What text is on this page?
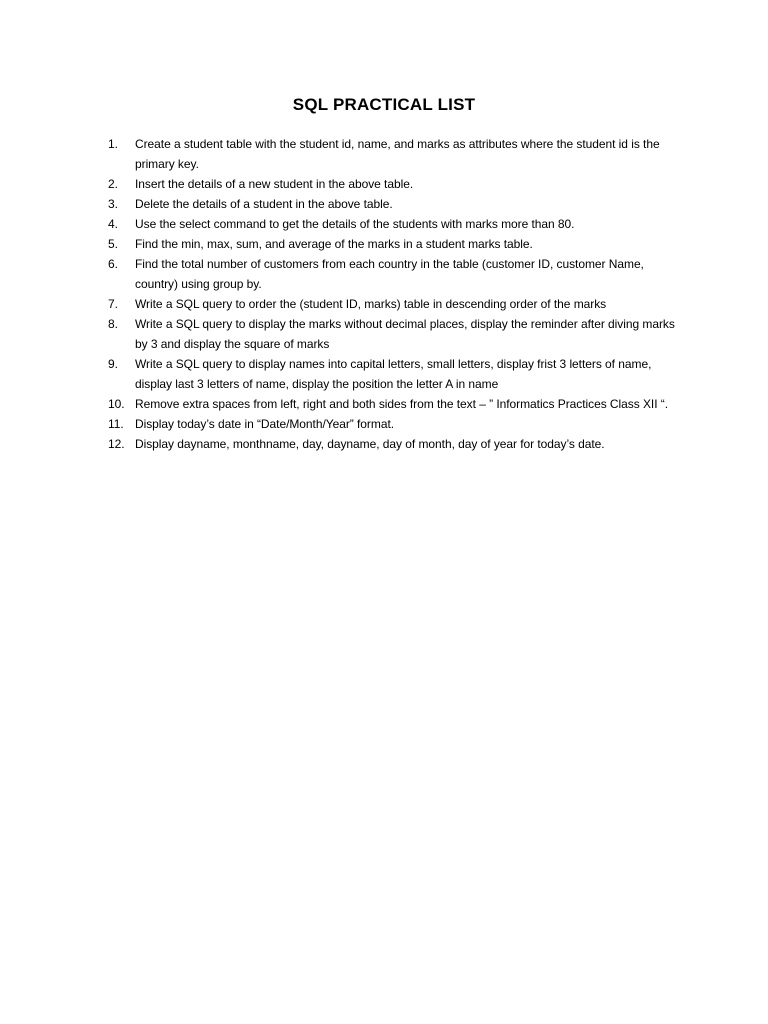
SQL PRACTICAL LIST
1.	Create a student table with the student id, name, and marks as attributes where the student id is the primary key.
2.	Insert the details of a new student in the above table.
3.	Delete the details of a student in the above table.
4.	Use the select command to get the details of the students with marks more than 80.
5.	Find the min, max, sum, and average of the marks in a student marks table.
6.	Find the total number of customers from each country in the table (customer ID, customer Name, country) using group by.
7.	Write a SQL query to order the (student ID, marks) table in descending order of the marks
8.	Write a SQL query to display the marks without decimal places, display the reminder after diving marks by 3 and display the square of marks
9.	Write a SQL query to display names into capital letters, small letters, display frist 3 letters of name, display last 3 letters of name, display the position the letter A in name
10. Remove extra spaces from left, right and both sides from the text – ” Informatics Practices Class XII “.
11. Display today’s date in “Date/Month/Year” format.
12. Display dayname, monthname, day, dayname, day of month, day of year for today’s date.
